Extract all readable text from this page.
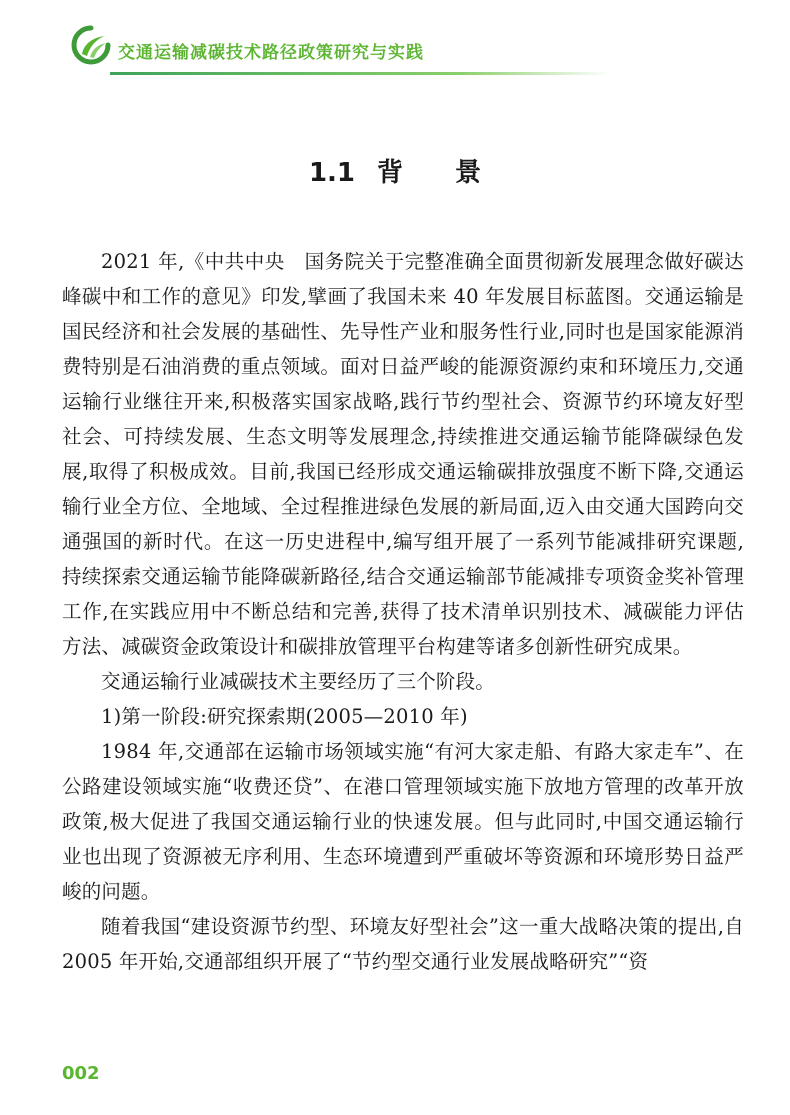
交通运输减碳技术路径政策研究与实践
1.1 背 景

2021 年,《中共中央　国务院关于完整准确全面贯彻新发展理念做好碳达峰碳中和工作的意见》印发,擘画了我国未来 40 年发展目标蓝图。交通运输是国民经济和社会发展的基础性、先导性产业和服务性行业,同时也是国家能源消费特别是石油消费的重点领域。面对日益严峻的能源资源约束和环境压力,交通运输行业继往开来,积极落实国家战略,践行节约型社会、资源节约环境友好型社会、可持续发展、生态文明等发展理念,持续推进交通运输节能降碳绿色发展,取得了积极成效。目前,我国已经形成交通运输碳排放强度不断下降,交通运输行业全方位、全地域、全过程推进绿色发展的新局面,迈入由交通大国跨向交通强国的新时代。在这一历史进程中,编写组开展了一系列节能减排研究课题,持续探索交通运输节能降碳新路径,结合交通运输部节能减排专项资金奖补管理工作,在实践应用中不断总结和完善,获得了技术清单识别技术、减碳能力评估方法、减碳资金政策设计和碳排放管理平台构建等诸多创新性研究成果。

交通运输行业减碳技术主要经历了三个阶段。

1)第一阶段:研究探索期(2005—2010 年)

1984 年,交通部在运输市场领域实施“有河大家走船、有路大家走车”、在公路建设领域实施“收费还贷”、在港口管理领域实施下放地方管理的改革开放政策,极大促进了我国交通运输行业的快速发展。但与此同时,中国交通运输行业也出现了资源被无序利用、生态环境遭到严重破坏等资源和环境形势日益严峻的问题。

随着我国“建设资源节约型、环境友好型社会”这一重大战略决策的提出,自 2005 年开始,交通部组织开展了“节约型交通行业发展战略研究”“资

002
